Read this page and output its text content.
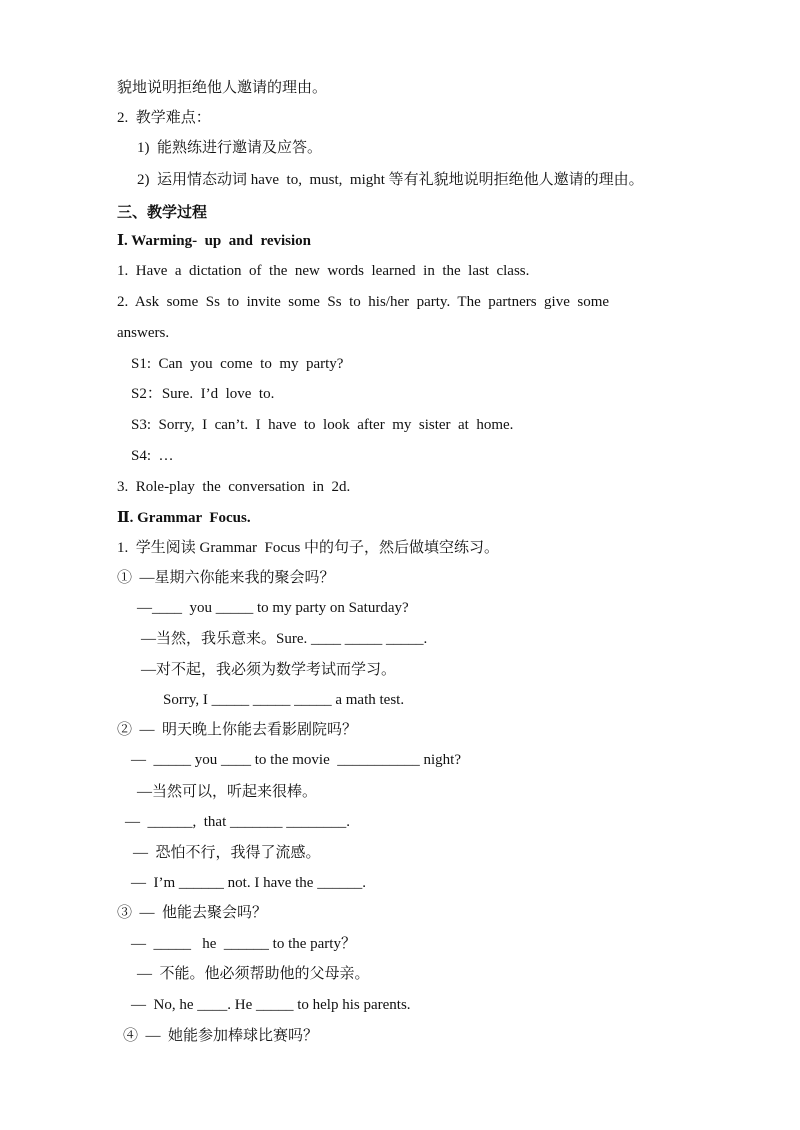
貌地说明拒绝他人邀请的理由。
2.  教学难点：
1)  能熟练进行邀请及应答。
2)  运用情态动词 have  to,  must,  might 等有礼貌地说明拒绝他人邀请的理由。
三、教学过程
Ⅰ. Warming-  up  and  revision
1.  Have  a  dictation  of  the  new  words  learned  in  the  last  class.
2.  Ask  some  Ss  to  invite  some  Ss  to  his/her  party.  The  partners  give  some
answers.
S1:  Can  you  come  to  my  party?
S2：Sure.  I’d  love  to.
S3:  Sorry,  I  can’t.  I  have  to  look  after  my  sister  at  home.
S4:  …
3.  Role-play  the  conversation  in  2d.
Ⅱ. Grammar  Focus.
1.  学生阅读 Grammar  Focus 中的句子，然后做填空练习。
①  —星期六你能来我的聚会吗？
—____  you _____ to my party on Saturday?
—当然，我乐意来。Sure. ____ _____ _____.
—对不起，我必须为数学考试而学习。
Sorry, I _____ _____ _____ a math test.
②  —  明天晚上你能去看影剧院吗？
—  _____ you ____ to the movie  ___________ night?
—当然可以，听起来很棒。
—  ______,  that _______ ________.
—  恐怕不行，我得了流感。
—  I’m ______ not. I have the ______.
③  —  他能去聚会吗？
—  _____   he  ______ to the party？
—  不能。他必须帮助他的父母亲。
—  No, he ____. He _____ to help his parents.
④  —  她能参加棒球比赛吗？
